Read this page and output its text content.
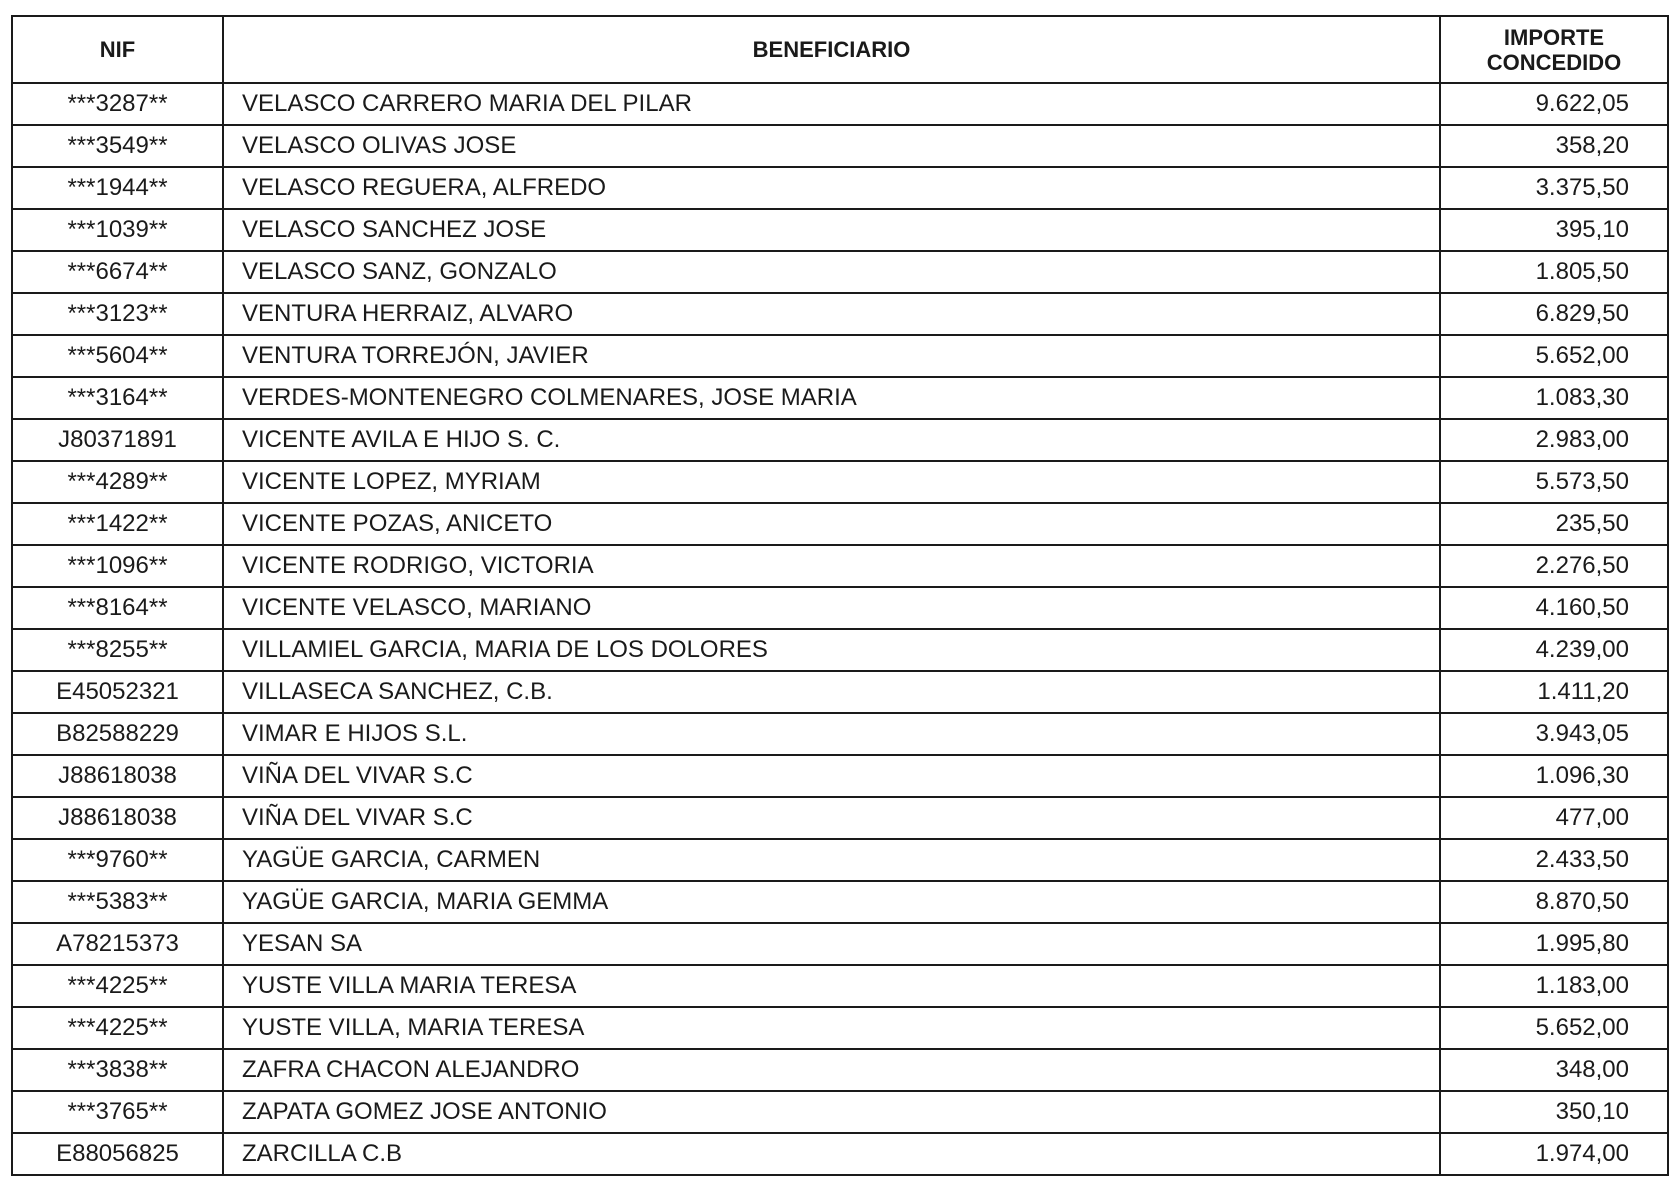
NIF	BENEFICIARIO	IMPORTE
CONCEDIDO

***3287**	VELASCO CARRERO MARIA DEL PILAR	9.622,05
***3549**	VELASCO OLIVAS JOSE	358,20
***1944**	VELASCO REGUERA, ALFREDO	3.375,50
***1039**	VELASCO SANCHEZ JOSE	395,10
***6674**	VELASCO SANZ, GONZALO	1.805,50
***3123**	VENTURA HERRAIZ, ALVARO	6.829,50
***5604**	VENTURA TORREJÓN, JAVIER	5.652,00
***3164**	VERDES-MONTENEGRO COLMENARES, JOSE MARIA	1.083,30
J80371891	VICENTE AVILA E HIJO S. C.	2.983,00
***4289**	VICENTE LOPEZ, MYRIAM	5.573,50
***1422**	VICENTE POZAS, ANICETO	235,50
***1096**	VICENTE RODRIGO, VICTORIA	2.276,50
***8164**	VICENTE VELASCO, MARIANO	4.160,50
***8255**	VILLAMIEL GARCIA, MARIA DE LOS DOLORES	4.239,00
E45052321	VILLASECA SANCHEZ, C.B.	1.411,20
B82588229	VIMAR E HIJOS S.L.	3.943,05
J88618038	VIÑA DEL VIVAR S.C	1.096,30
J88618038	VIÑA DEL VIVAR S.C	477,00
***9760**	YAGÜE GARCIA, CARMEN	2.433,50
***5383**	YAGÜE GARCIA, MARIA GEMMA	8.870,50
A78215373	YESAN SA	1.995,80
***4225**	YUSTE VILLA MARIA TERESA	1.183,00
***4225**	YUSTE VILLA, MARIA TERESA	5.652,00
***3838**	ZAFRA CHACON ALEJANDRO	348,00
***3765**	ZAPATA GOMEZ JOSE ANTONIO	350,10
E88056825	ZARCILLA C.B	1.974,00
